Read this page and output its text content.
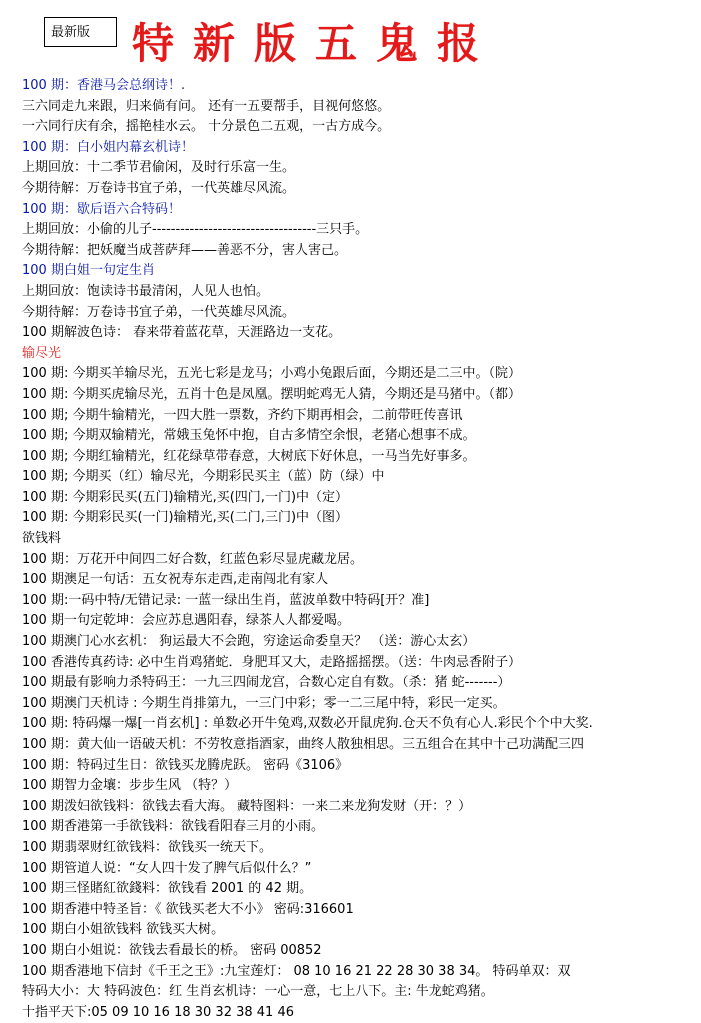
最新版 特新版五鬼报
100 期：香港马会总纲诗！.
三六同走九来跟，归来倘有问。 还有一五要帮手，目视何悠悠。
一六同行庆有余，摇艳桂水云。 十分景色二五观，一古方成今。
100 期：白小姐内幕玄机诗！
上期回放：十二季节君偷闲，及时行乐富一生。
今期待解：万卷诗书宜子弟，一代英雄尽风流。
100 期：歇后语六合特码！
上期回放：小偷的儿子-----------------------------------三只手。
今期待解：把妖魔当成菩萨拜——善恶不分，害人害己。
100 期白姐一句定生肖
上期回放：饱读诗书最清闲，人见人也怕。
今期待解：万卷诗书宜子弟，一代英雄尽风流。
100 期解波色诗： 春来带着蓝花草，天涯路边一支花。
输尽光
100 期: 今期买羊输尽光，五光七彩是龙马；小鸡小兔跟后面，今期还是二三中。（院）
100 期: 今期买虎输尽光，五肖十色是凤凰。摆明蛇鸡无人猜，今期还是马猪中。（都）
100 期; 今期牛输精光，一四大胜一票数，齐约下期再相会，二前带旺传喜讯
100 期; 今期双输精光，常娥玉兔怀中抱，自古多情空余恨，老猪心想事不成。
100 期; 今期红输精光，红花绿草带春意，大树底下好休息，一马当先好事多。
100 期; 今期买（红）输尽光，今期彩民买主（蓝）防（绿）中
100 期: 今期彩民买(五门)输精光,买(四门,一门)中（定）
100 期: 今期彩民买(一门)输精光,买(二门,三门)中（图）
欲钱料
100 期：万花开中间四二好合数，红蓝色彩尽显虎藏龙居。
100 期澳足一句话：五女祝寿东走西,走南闯北有家人
100 期:一码中特/无错记录: 一蓝一绿出生肖，蓝波单数中特码[开？准]
100 期一句定乾坤：会应苏息遇阳春，绿茶人人都爱喝。
100 期澳门心水玄机： 狗运最大不会跑，穷途运命委皇天？ （送：游心太玄）
100 香港传真药诗: 必中生肖鸡猪蛇．身肥耳又大，走路摇摇摆。（送：牛肉忌香附子）
100 期最有影响力杀特码王：一九三四闹龙宫，合数心定自有数。（杀：猪 蛇-------）
100 期澳门天机诗 : 今期生肖排第九，一三门中彩；零一二三尾中特，彩民一定买。
100 期: 特码爆一爆[一肖玄机] : 单数必开牛兔鸡,双数必开鼠虎狗.仓天不负有心人.彩民个个中大奖.
100 期：黄大仙一语破天机：不劳牧意指酒家，曲终人散独相思。三五组合在其中十己功满配三四
100 期：特码过生日：欲钱买龙腾虎跃。 密码《3106》
100 期智力金壤：步步生风 （特？）
100 期泼妇欲钱料：欲钱去看大海。 藏特图料：一来二来龙狗发财（开：？）
100 期香港第一手欲钱料：欲钱看阳春三月的小雨。
100 期翡翠财红欲钱料：欲钱买一统天下。
100 期管道人说：“女人四十发了脾气后似什么？”
100 期三怪賭紅欲錢料：欲钱看 2001 的 42 期。
100 期香港中特圣旨：《 欲钱买老大不小》 密码:316601
100 期白小姐欲钱料 欲钱买大树。
100 期白小姐说：欲钱去看最长的桥。 密码 00852
100 期香港地下信封《千王之王》:九宝莲灯： 08 10 16 21 22 28 30 38 34。 特码单双：双
特码大小：大 特码波色：红 生肖玄机诗：一心一意，七上八下。主: 牛龙蛇鸡猪。
十指平天下:05 09 10 16 18 30 32 38 41 46
